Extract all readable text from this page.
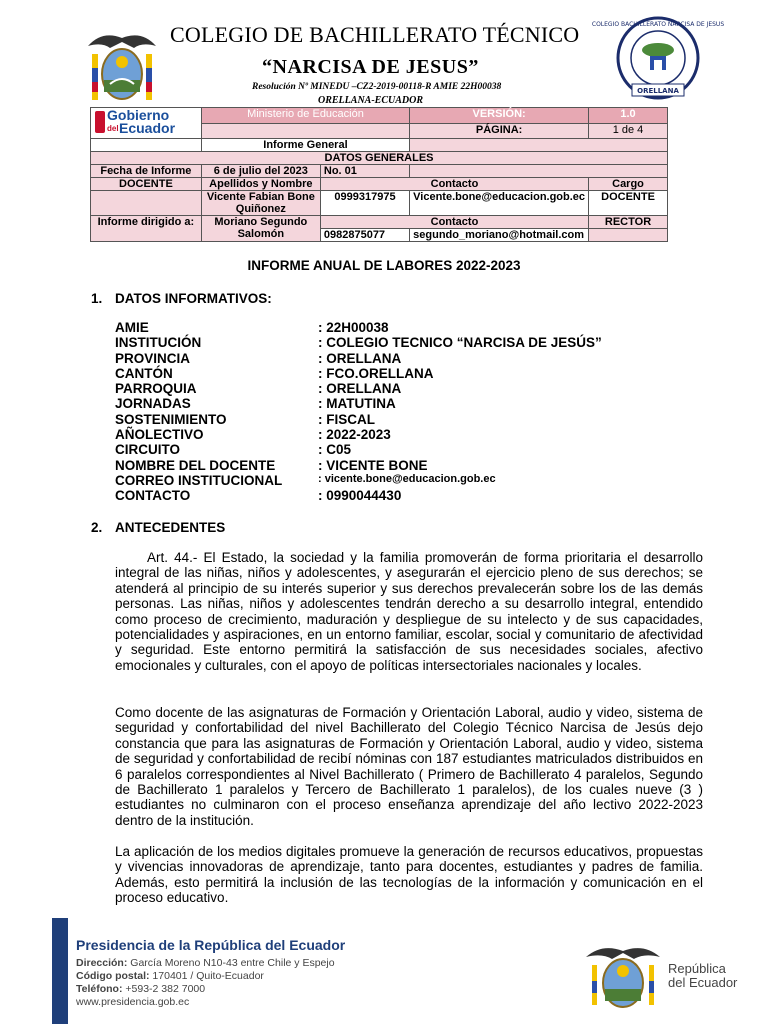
COLEGIO DE BACHILLERATO TÉCNICO
“NARCISA DE JESUS”
Resolución Nº MINEDU –CZ2-2019-00118-R AMIE 22H00038
ORELLANA-ECUADOR
COLEGIO BACHILLERATO NARCISA DE JESUS
ORELLANA
Gobierno
del Ecuador	Ministerio de Educación		VERSIÓN:	1.0
			PÁGINA:	1 de 4
	Informe General			
DATOS GENERALES				
Fecha de Informe	6 de julio del 2023	No. 01		
DOCENTE	Apellidos y Nombre	Contacto		Cargo
	Vicente Fabian Bone Quiñonez	0999317975	Vicente.bone@educacion.gob.ec	DOCENTE
Informe dirigido a:	Moriano Segundo Salomón	Contacto		RECTOR
		0982875077	segundo_moriano@hotmail.com	
INFORME ANUAL DE LABORES 2022-2023
1. DATOS INFORMATIVOS:
AMIE	: 22H00038
INSTITUCIÓN	: COLEGIO TECNICO “NARCISA DE JESÚS”
PROVINCIA	: ORELLANA
CANTÓN	: FCO.ORELLANA
PARROQUIA	: ORELLANA
JORNADAS	: MATUTINA
SOSTENIMIENTO	: FISCAL
AÑOLECTIVO	: 2022-2023
CIRCUITO	: C05
NOMBRE DEL DOCENTE	: VICENTE BONE
CORREO INSTITUCIONAL	: vicente.bone@educacion.gob.ec
CONTACTO	: 0990044430
2. ANTECEDENTES
Art. 44.- El Estado, la sociedad y la familia promoverán de forma prioritaria el desarrollo integral de las niñas, niños y adolescentes, y asegurarán el ejercicio pleno de sus derechos; se atenderá al principio de su interés superior y sus derechos prevalecerán sobre los de las demás personas. Las niñas, niños y adolescentes tendrán derecho a su desarrollo integral, entendido como proceso de crecimiento, maduración y despliegue de su intelecto y de sus capacidades, potencialidades y aspiraciones, en un entorno familiar, escolar, social y comunitario de afectividad y seguridad. Este entorno permitirá la satisfacción de sus necesidades sociales, afectivo emocionales y culturales, con el apoyo de políticas intersectoriales nacionales y locales.
Como docente de las asignaturas de Formación y Orientación Laboral, audio y video, sistema de seguridad y confortabilidad del nivel Bachillerato del Colegio Técnico Narcisa de Jesús dejo constancia que para las asignaturas de Formación y Orientación Laboral, audio y video, sistema de seguridad y confortabilidad de recibí nóminas con 187 estudiantes matriculados distribuidos en 6 paralelos correspondientes al Nivel Bachillerato ( Primero de Bachillerato 4 paralelos, Segundo de Bachillerato 1 paralelos y Tercero de Bachillerato 1 paralelos), de los cuales nueve (3 ) estudiantes no culminaron con el proceso enseñanza aprendizaje del año lectivo 2022-2023 dentro de la institución.
La aplicación de los medios digitales promueve la generación de recursos educativos, propuestas y vivencias innovadoras de aprendizaje, tanto para docentes, estudiantes y padres de familia. Además, esto permitirá la inclusión de las tecnologías de la información y comunicación en el proceso educativo.
Presidencia de la República del Ecuador
Dirección: García Moreno N10-43 entre Chile y Espejo
Código postal: 170401 / Quito-Ecuador
Teléfono: +593-2 382 7000
www.presidencia.gob.ec
República
del Ecuador
